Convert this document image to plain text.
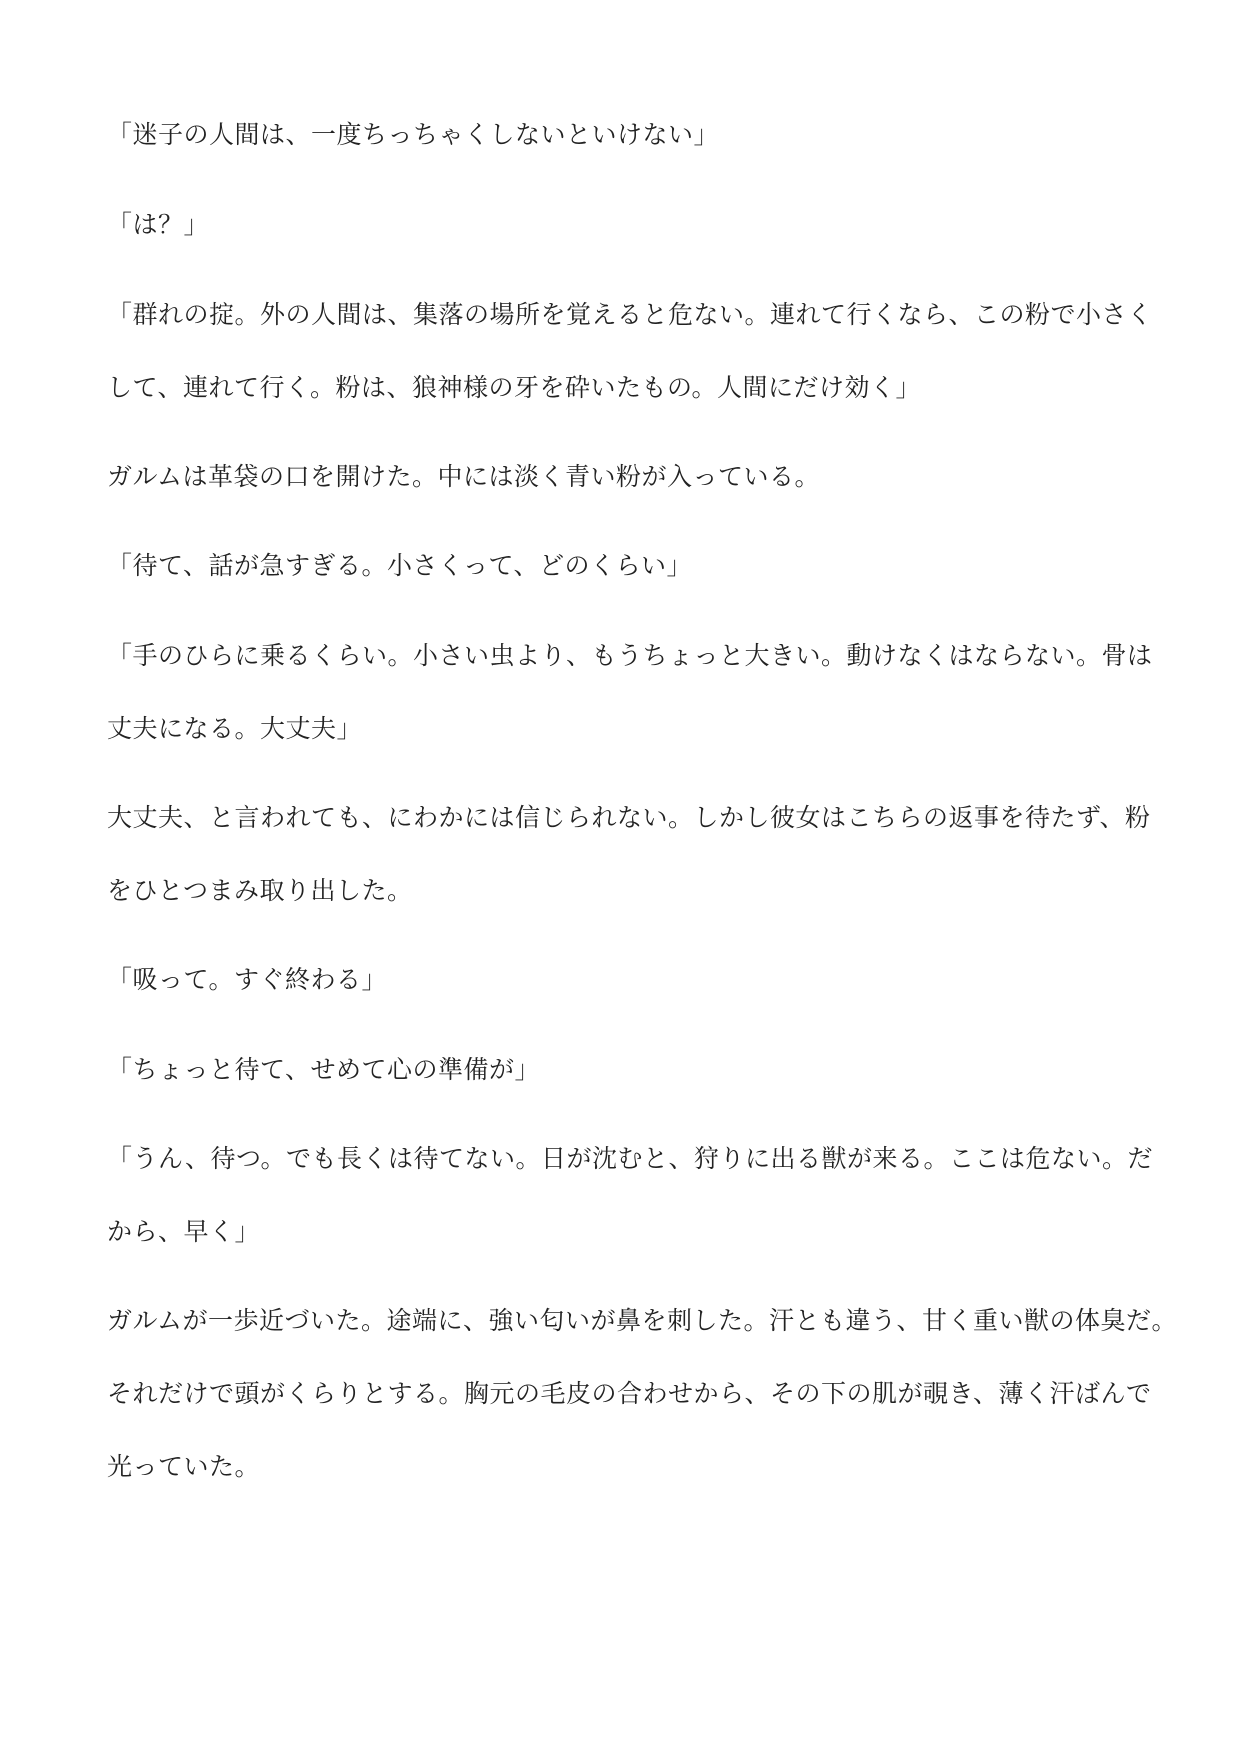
「迷子の人間は、一度ちっちゃくしないといけない」
「は？」
「群れの掟。外の人間は、集落の場所を覚えると危ない。連れて行くなら、この粉で小さく
して、連れて行く。粉は、狼神様の牙を砕いたもの。人間にだけ効く」
ガルムは革袋の口を開けた。中には淡く青い粉が入っている。
「待て、話が急すぎる。小さくって、どのくらい」
「手のひらに乗るくらい。小さい虫より、もうちょっと大きい。動けなくはならない。骨は
丈夫になる。大丈夫」
大丈夫、と言われても、にわかには信じられない。しかし彼女はこちらの返事を待たず、粉
をひとつまみ取り出した。
「吸って。すぐ終わる」
「ちょっと待て、せめて心の準備が」
「うん、待つ。でも長くは待てない。日が沈むと、狩りに出る獣が来る。ここは危ない。だ
から、早く」
ガルムが一歩近づいた。途端に、強い匂いが鼻を刺した。汗とも違う、甘く重い獣の体臭だ。
それだけで頭がくらりとする。胸元の毛皮の合わせから、その下の肌が覗き、薄く汗ばんで
光っていた。
